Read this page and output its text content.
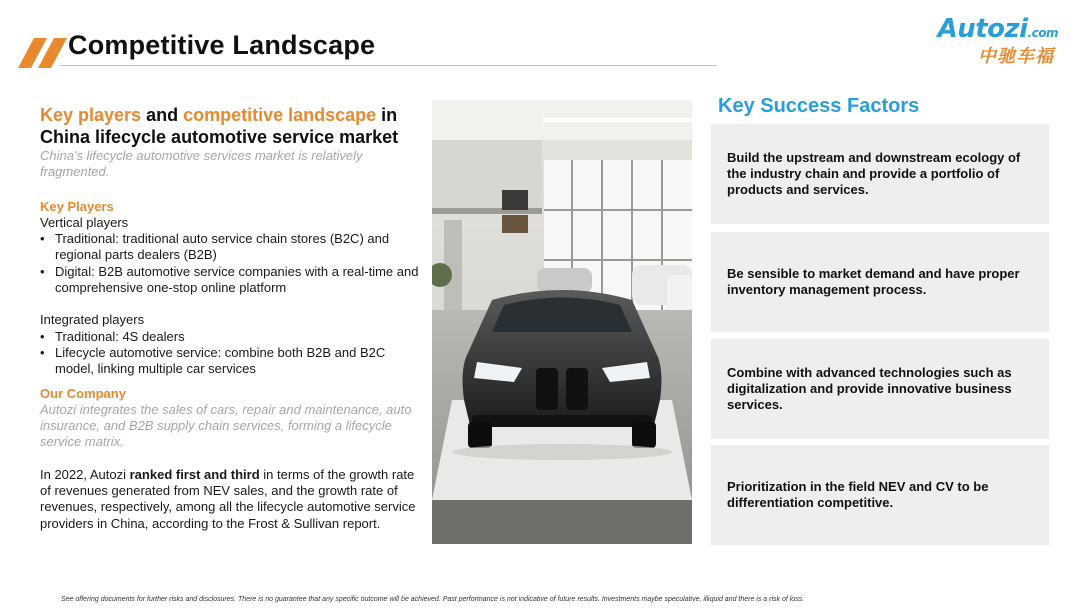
Competitive Landscape
Autozi.com
中驰车福
Key players and competitive landscape in China lifecycle automotive service market
China's lifecycle automotive services market is relatively fragmented.
Key Players
Vertical players
• Traditional: traditional auto service chain stores (B2C) and regional parts dealers (B2B)
• Digital: B2B automotive service companies with a real-time and comprehensive one-stop online platform
Integrated players
• Traditional: 4S dealers
• Lifecycle automotive service: combine both B2B and B2C model, linking multiple car services
Our Company
Autozi integrates the sales of cars, repair and maintenance, auto insurance, and B2B supply chain services, forming a lifecycle service matrix.
In 2022, Autozi ranked first and third in terms of the growth rate of revenues generated from NEV sales, and the growth rate of revenues, respectively, among all the lifecycle automotive service providers in China, according to the Frost & Sullivan report.
Key Success Factors
Build the upstream and downstream ecology of the industry chain and provide a portfolio of products and services.
Be sensible to market demand and have proper inventory management process.
Combine with advanced technologies such as digitalization and provide innovative business services.
Prioritization in the field NEV and CV to be differentiation competitive.
See offering documents for further risks and disclosures. There is no guarantee that any specific outcome will be achieved. Past performance is not indicative of future results. Investments maybe speculative, illiquid and there is a risk of loss.
